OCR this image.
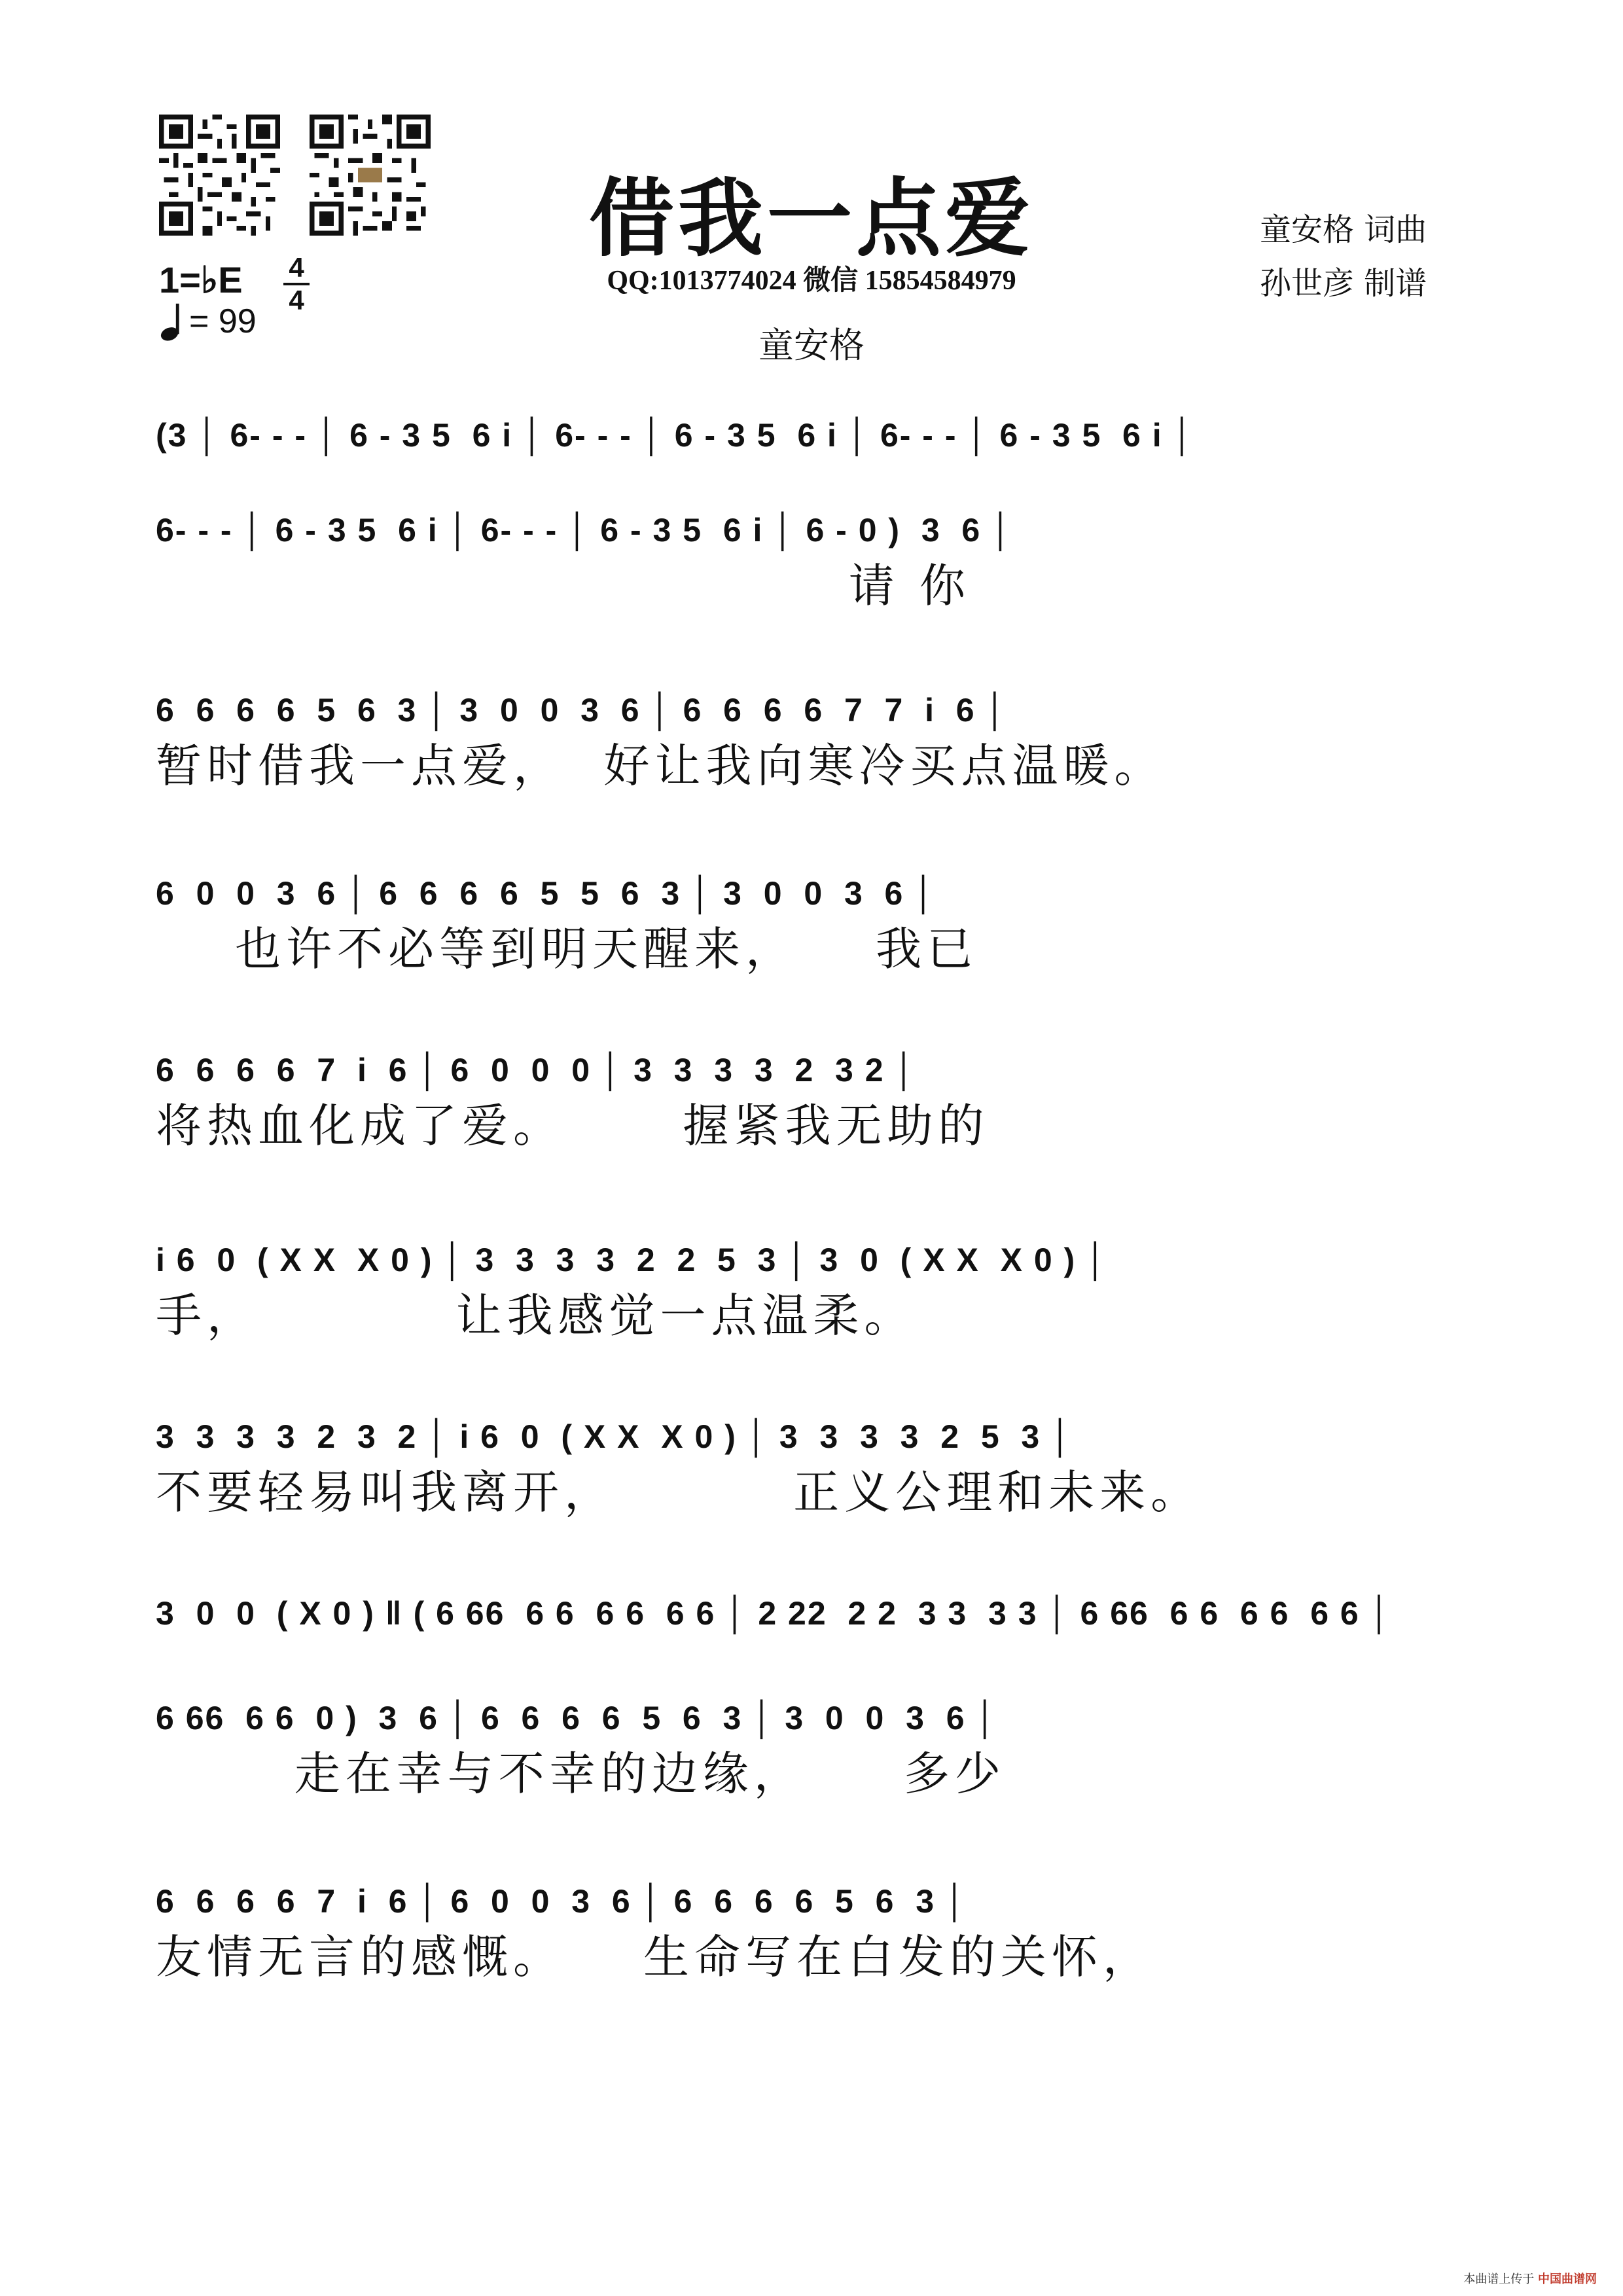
借我一点爱
QQ:1013774024 微信 15854584979
童安格
童安格 词曲
孙世彦 制谱
1=♭E 4
4
= 99
(3 │ 6- - - │ 6 - 3 5  6 i │ 6- - - │ 6 - 3 5  6 i │ 6- - - │ 6 - 3 5  6 i │
6- - - │ 6 - 3 5  6 i │ 6- - - │ 6 - 3 5  6 i │ 6 - 0 )  3  6 │
请 你
6  6  6  6  5  6  3 │ 3  0  0  3  6 │ 6  6  6  6  7  7  i  6 │
暂时借我一点爱，  好让我向寒冷买点温暖。
6  0  0  3  6 │ 6  6  6  6  5  5  6  3 │ 3  0  0  3  6 │
也许不必等到明天醒来，    我已
6  6  6  6  7  i  6 │ 6  0  0  0 │ 3  3  3  3  2  3 2 │
将热血化成了爱。      握紧我无助的
i 6  0  ( X X  X 0 ) │ 3  3  3  3  2  2  5  3 │ 3  0  ( X X  X 0 ) │
手，          让我感觉一点温柔。
3  3  3  3  2  3  2 │ i 6  0  ( X X  X 0 ) │ 3  3  3  3  2  5  3 │
不要轻易叫我离开，         正义公理和未来。
3  0  0  ( X 0 ) ‖ ( 6 66  6 6  6 6  6 6 │ 2 22  2 2  3 3  3 3 │ 6 66  6 6  6 6  6 6 │
6 66  6 6  0 )  3  6 │ 6  6  6  6  5  6  3 │ 3  0  0  3  6 │
走在幸与不幸的边缘，     多少
6  6  6  6  7  i  6 │ 6  0  0  3  6 │ 6  6  6  6  5  6  3 │
友情无言的感慨。    生命写在白发的关怀，
本曲谱上传于 中国曲谱网
